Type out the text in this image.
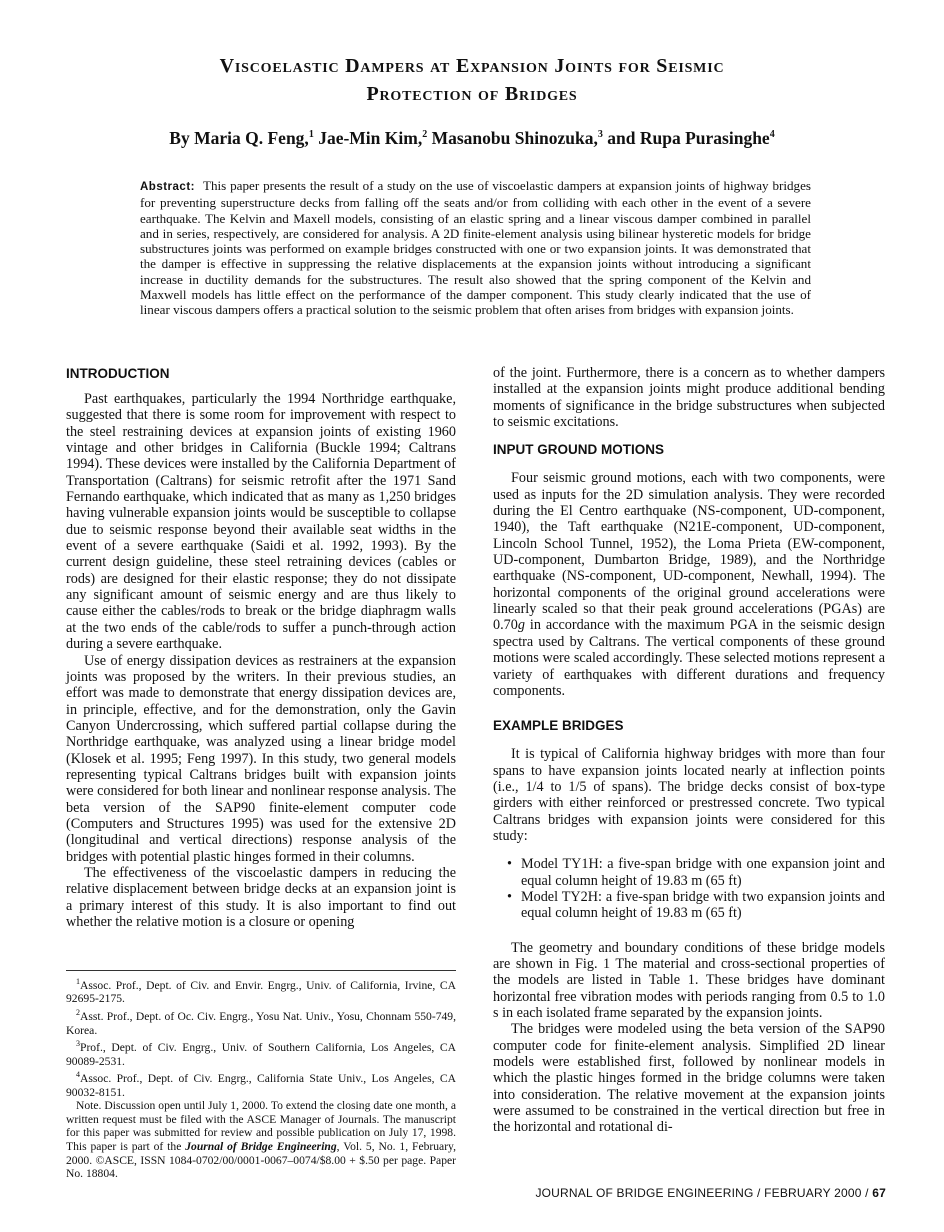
Viscoelastic Dampers at Expansion Joints for Seismic
Protection of Bridges
By Maria Q. Feng,$^1$ Jae-Min Kim,$^2$ Masanobu Shinozuka,$^3$ and Rupa Purasinghe$^4$
Abstract: This paper presents the result of a study on the use of viscoelastic dampers at expansion joints of highway bridges for preventing superstructure decks from falling off the seats and/or from colliding with each other in the event of a severe earthquake. The Kelvin and Maxell models, consisting of an elastic spring and a linear viscous damper combined in parallel and in series, respectively, are considered for analysis. A 2D finite-element analysis using bilinear hysteretic models for bridge substructures joints was performed on example bridges constructed with one or two expansion joints. It was demonstrated that the damper is effective in suppressing the relative displacements at the expansion joints without introducing a significant increase in ductility demands for the substructures. The result also showed that the spring component of the Kelvin and Maxwell models has little effect on the performance of the damper component. This study clearly indicated that the use of linear viscous dampers offers a practical solution to the seismic problem that often arises from bridges with expansion joints.
INTRODUCTION

Past earthquakes, particularly the 1994 Northridge earthquake, suggested that there is some room for improvement with respect to the steel restraining devices at expansion joints of existing 1960 vintage and other bridges in California (Buckle 1994; Caltrans 1994). These devices were installed by the California Department of Transportation (Caltrans) for seismic retrofit after the 1971 Sand Fernando earthquake, which indicated that as many as 1,250 bridges having vulnerable expansion joints would be susceptible to collapse due to seismic response beyond their available seat widths in the event of a severe earthquake (Saidi et al. 1992, 1993). By the current design guideline, these steel retraining devices (cables or rods) are designed for their elastic response; they do not dissipate any significant amount of seismic energy and are thus likely to cause either the cables/rods to break or the bridge diaphragm walls at the two ends of the cable/rods to suffer a punch-through action during a severe earthquake.

Use of energy dissipation devices as restrainers at the expansion joints was proposed by the writers. In their previous studies, an effort was made to demonstrate that energy dissipation devices are, in principle, effective, and for the demonstration, only the Gavin Canyon Undercrossing, which suffered partial collapse during the Northridge earthquake, was analyzed using a linear bridge model (Klosek et al. 1995; Feng 1997). In this study, two general models representing typical Caltrans bridges built with expansion joints were considered for both linear and nonlinear response analysis. The beta version of the SAP90 finite-element computer code (Computers and Structures 1995) was used for the extensive 2D (longitudinal and vertical directions) response analysis of the bridges with potential plastic hinges formed in their columns.

The effectiveness of the viscoelastic dampers in reducing the relative displacement between bridge decks at an expansion joint is a primary interest of this study. It is also important to find out whether the relative motion is a closure or opening

$^1$Assoc. Prof., Dept. of Civ. and Envir. Engrg., Univ. of California, Irvine, CA 92695-2175.

$^2$Asst. Prof., Dept. of Oc. Civ. Engrg., Yosu Nat. Univ., Yosu, Chonnam 550-749, Korea.

$^3$Prof., Dept. of Civ. Engrg., Univ. of Southern California, Los Angeles, CA 90089-2531.

$^4$Assoc. Prof., Dept. of Civ. Engrg., California State Univ., Los Angeles, CA 90032-8151.

Note. Discussion open until July 1, 2000. To extend the closing date one month, a written request must be filed with the ASCE Manager of Journals. The manuscript for this paper was submitted for review and possible publication on July 17, 1998. This paper is part of the Journal of Bridge Engineering, Vol. 5, No. 1, February, 2000. ©ASCE, ISSN 1084-0702/00/0001-0067–0074/$8.00 + $.50 per page. Paper No. 18804.

of the joint. Furthermore, there is a concern as to whether dampers installed at the expansion joints might produce additional bending moments of significance in the bridge substructures when subjected to seismic excitations.

INPUT GROUND MOTIONS

Four seismic ground motions, each with two components, were used as inputs for the 2D simulation analysis. They were recorded during the El Centro earthquake (NS-component, UD-component, 1940), the Taft earthquake (N21E-component, UD-component, Lincoln School Tunnel, 1952), the Loma Prieta (EW-component, UD-component, Dumbarton Bridge, 1989), and the Northridge earthquake (NS-component, UD-component, Newhall, 1994). The horizontal components of the original ground accelerations were linearly scaled so that their peak ground accelerations (PGAs) are 0.70g in accordance with the maximum PGA in the seismic design spectra used by Caltrans. The vertical components of these ground motions were scaled accordingly. These selected motions represent a variety of earthquakes with different durations and frequency components.

EXAMPLE BRIDGES

It is typical of California highway bridges with more than four spans to have expansion joints located nearly at inflection points (i.e., 1/4 to 1/5 of spans). The bridge decks consist of box-type girders with either reinforced or prestressed concrete. Two typical Caltrans bridges with expansion joints were considered for this study:

• Model TY1H: a five-span bridge with one expansion joint and equal column height of 19.83 m (65 ft)
• Model TY2H: a five-span bridge with two expansion joints and equal column height of 19.83 m (65 ft)

The geometry and boundary conditions of these bridge models are shown in Fig. 1 The material and cross-sectional properties of the models are listed in Table 1. These bridges have dominant horizontal free vibration modes with periods ranging from 0.5 to 1.0 s in each isolated frame separated by the expansion joints.

The bridges were modeled using the beta version of the SAP90 computer code for finite-element analysis. Simplified 2D linear models were established first, followed by nonlinear models in which the plastic hinges formed in the bridge columns were taken into consideration. The relative movement at the expansion joints were assumed to be constrained in the vertical direction but free in the horizontal and rotational di-

JOURNAL OF BRIDGE ENGINEERING / FEBRUARY 2000 / 67
